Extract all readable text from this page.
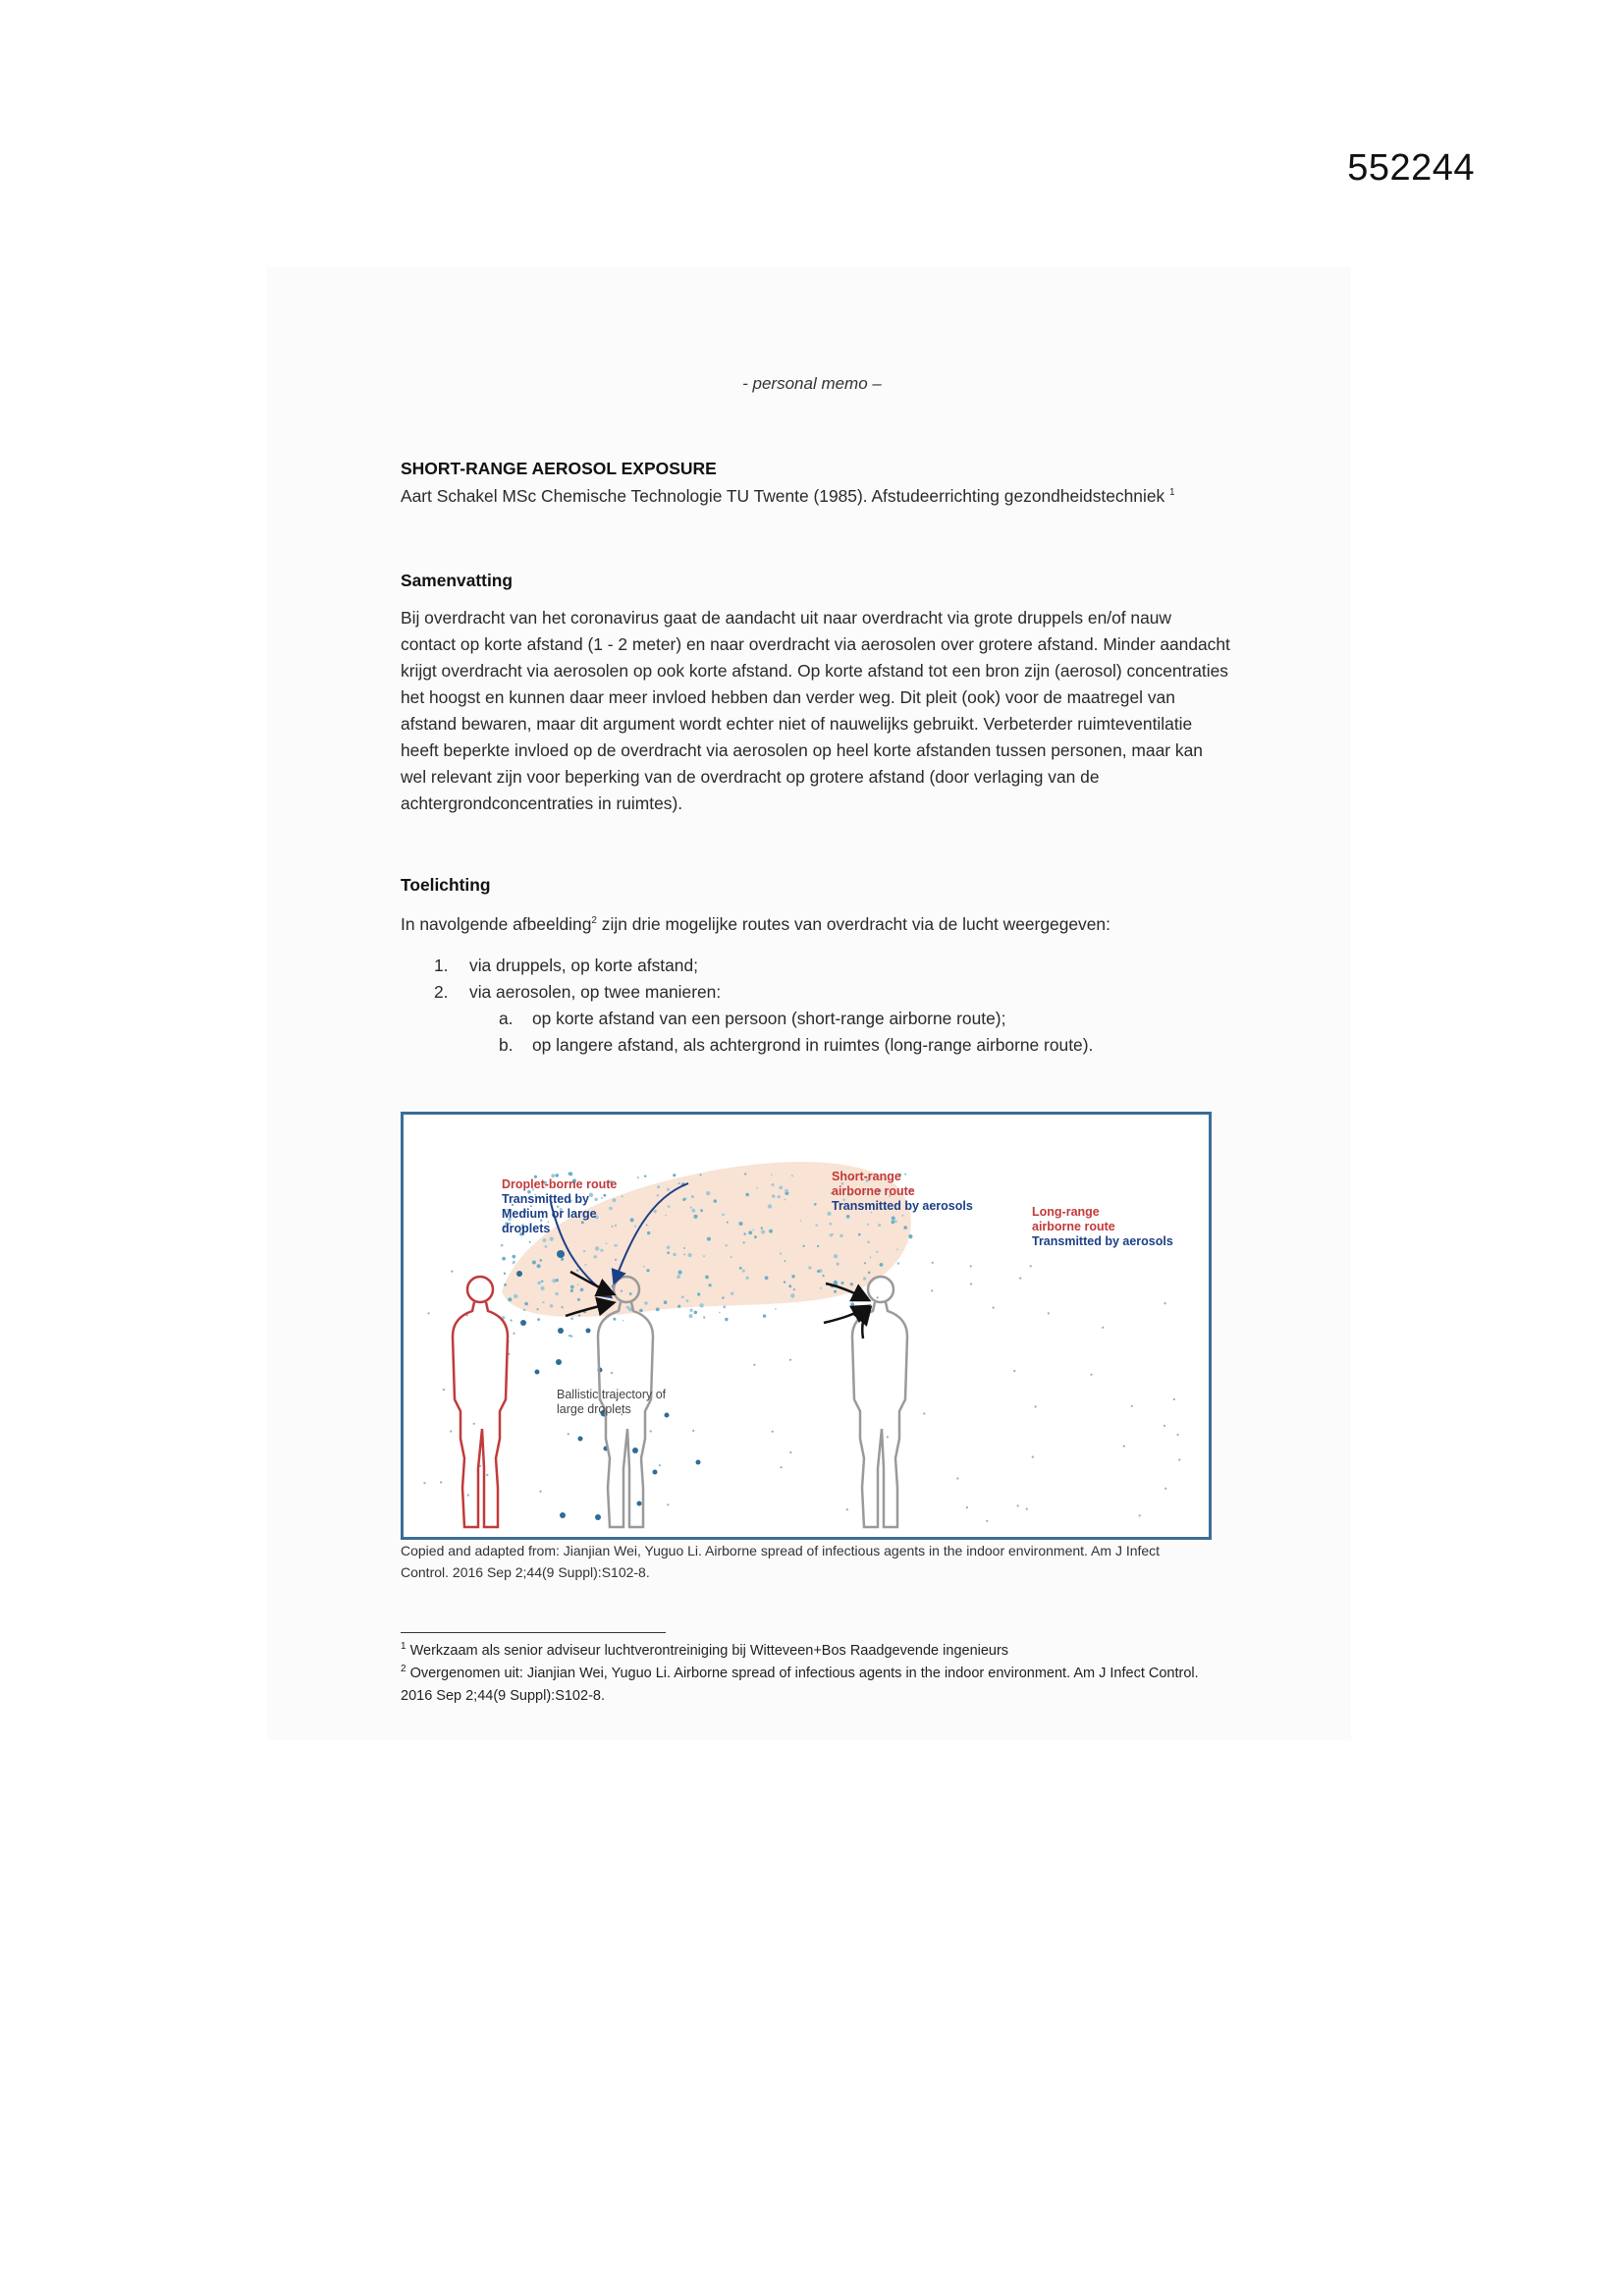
552244
- personal memo –
SHORT-RANGE AEROSOL EXPOSURE
Aart Schakel MSc Chemische Technologie TU Twente (1985). Afstudeerrichting gezondheidstechniek $^1$
Samenvatting
Bij overdracht van het coronavirus gaat de aandacht uit naar overdracht via grote druppels en/of nauw contact op korte afstand (1 - 2 meter) en naar overdracht via aerosolen over grotere afstand. Minder aandacht krijgt overdracht via aerosolen op ook korte afstand. Op korte afstand tot een bron zijn (aerosol) concentraties het hoogst en kunnen daar meer invloed hebben dan verder weg. Dit pleit (ook) voor de maatregel van afstand bewaren, maar dit argument wordt echter niet of nauwelijks gebruikt. Verbeterder ruimteventilatie heeft beperkte invloed op de overdracht via aerosolen op heel korte afstanden tussen personen, maar kan wel relevant zijn voor beperking van de overdracht op grotere afstand (door verlaging van de achtergrondconcentraties in ruimtes).
Toelichting
In navolgende afbeelding$^2$ zijn drie mogelijke routes van overdracht via de lucht weergegeven:
1. via druppels, op korte afstand;
2. via aerosolen, op twee manieren:
a. op korte afstand van een persoon (short-range airborne route);
b. op langere afstand, als achtergrond in ruimtes (long-range airborne route).
Droplet-borne route
Transmitted by
Medium or large
droplets
Short-range
airborne route
Transmitted by aerosols	Long-range
airborne route
Transmitted by aerosols
Ballistic trajectory of
large droplets
Copied and adapted from: Jianjian Wei, Yuguo Li. Airborne spread of infectious agents in the indoor environment. Am J Infect Control. 2016 Sep 2;44(9 Suppl):S102-8.
$^1$ Werkzaam als senior adviseur luchtverontreiniging bij Witteveen+Bos Raadgevende ingenieurs
$^2$ Overgenomen uit: Jianjian Wei, Yuguo Li. Airborne spread of infectious agents in the indoor environment. Am J Infect Control. 2016 Sep 2;44(9 Suppl):S102-8.
